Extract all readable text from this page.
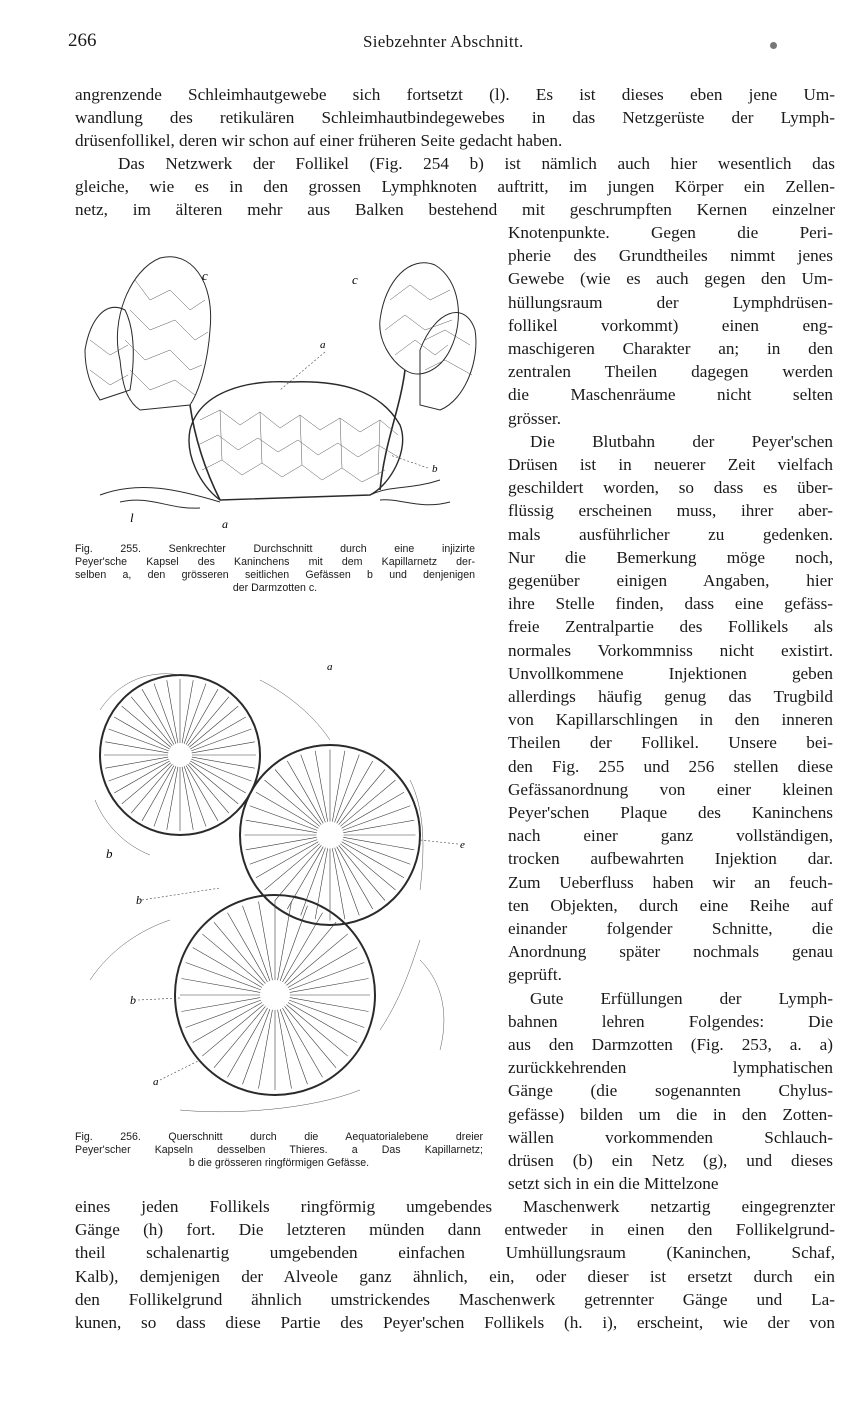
266	Siebzehnter Abschnitt.
angrenzende Schleimhautgewebe sich fortsetzt (l). Es ist dieses eben jene Um-
wandlung des retikulären Schleimhautbindegewebes in das Netzgerüste der Lymph-
drüsenfollikel, deren wir schon auf einer früheren Seite gedacht haben.
Das Netzwerk der Follikel (Fig. 254 b) ist nämlich auch hier wesentlich das
gleiche, wie es in den grossen Lymphknoten auftritt, im jungen Körper ein Zellen-
netz, im älteren mehr aus Balken bestehend mit geschrumpften Kernen einzelner
Knotenpunkte. Gegen die Peri-
pherie des Grundtheiles nimmt jenes
Gewebe (wie es auch gegen den Um-
hüllungsraum der Lymphdrüsen-
follikel vorkommt) einen eng-
maschigeren Charakter an; in den
zentralen Theilen dagegen werden
die Maschenräume nicht selten
grösser.
Die Blutbahn der Peyer'schen
Drüsen ist in neuerer Zeit vielfach
geschildert worden, so dass es über-
flüssig erscheinen muss, ihrer aber-
mals ausführlicher zu gedenken.
Nur die Bemerkung möge noch,
gegenüber einigen Angaben, hier
ihre Stelle finden, dass eine gefäss-
freie Zentralpartie des Follikels als
normales Vorkommniss nicht existirt.
Unvollkommene Injektionen geben
allerdings häufig genug das Trugbild
von Kapillarschlingen in den inneren
Theilen der Follikel. Unsere bei-
den Fig. 255 und 256 stellen diese
Gefässanordnung von einer kleinen
Peyer'schen Plaque des Kaninchens
nach einer ganz vollständigen,
trocken aufbewahrten Injektion dar.
Zum Ueberfluss haben wir an feuch-
ten Objekten, durch eine Reihe auf
einander folgender Schnitte, die
Anordnung später nochmals genau
geprüft.
Gute Erfüllungen der Lymph-
bahnen lehren Folgendes: Die
aus den Darmzotten (Fig. 253, a. a)
zurückkehrenden lymphatischen
Gänge (die sogenannten Chylus-
gefässe) bilden um die in den Zotten-
wällen vorkommenden Schlauch-
drüsen (b) ein Netz (g), und dieses
setzt sich in ein die Mittelzone
c	c
a
b
l	a
Fig. 255. Senkrechter Durchschnitt durch eine injizirte
Peyer'sche Kapsel des Kaninchens mit dem Kapillarnetz der-
selben a, den grösseren seitlichen Gefässen b und denjenigen
der Darmzotten c.
a
b
e
b
b
a
Fig. 256. Querschnitt durch die Aequatorialebene dreier
Peyer'scher Kapseln desselben Thieres. a Das Kapillarnetz;
b die grösseren ringförmigen Gefässe.
eines jeden Follikels ringförmig umgebendes Maschenwerk netzartig eingegrenzter
Gänge (h) fort. Die letzteren münden dann entweder in einen den Follikelgrund-
theil schalenartig umgebenden einfachen Umhüllungsraum (Kaninchen, Schaf,
Kalb), demjenigen der Alveole ganz ähnlich, ein, oder dieser ist ersetzt durch ein
den Follikelgrund ähnlich umstrickendes Maschenwerk getrennter Gänge und La-
kunen, so dass diese Partie des Peyer'schen Follikels (h. i), erscheint, wie der von
